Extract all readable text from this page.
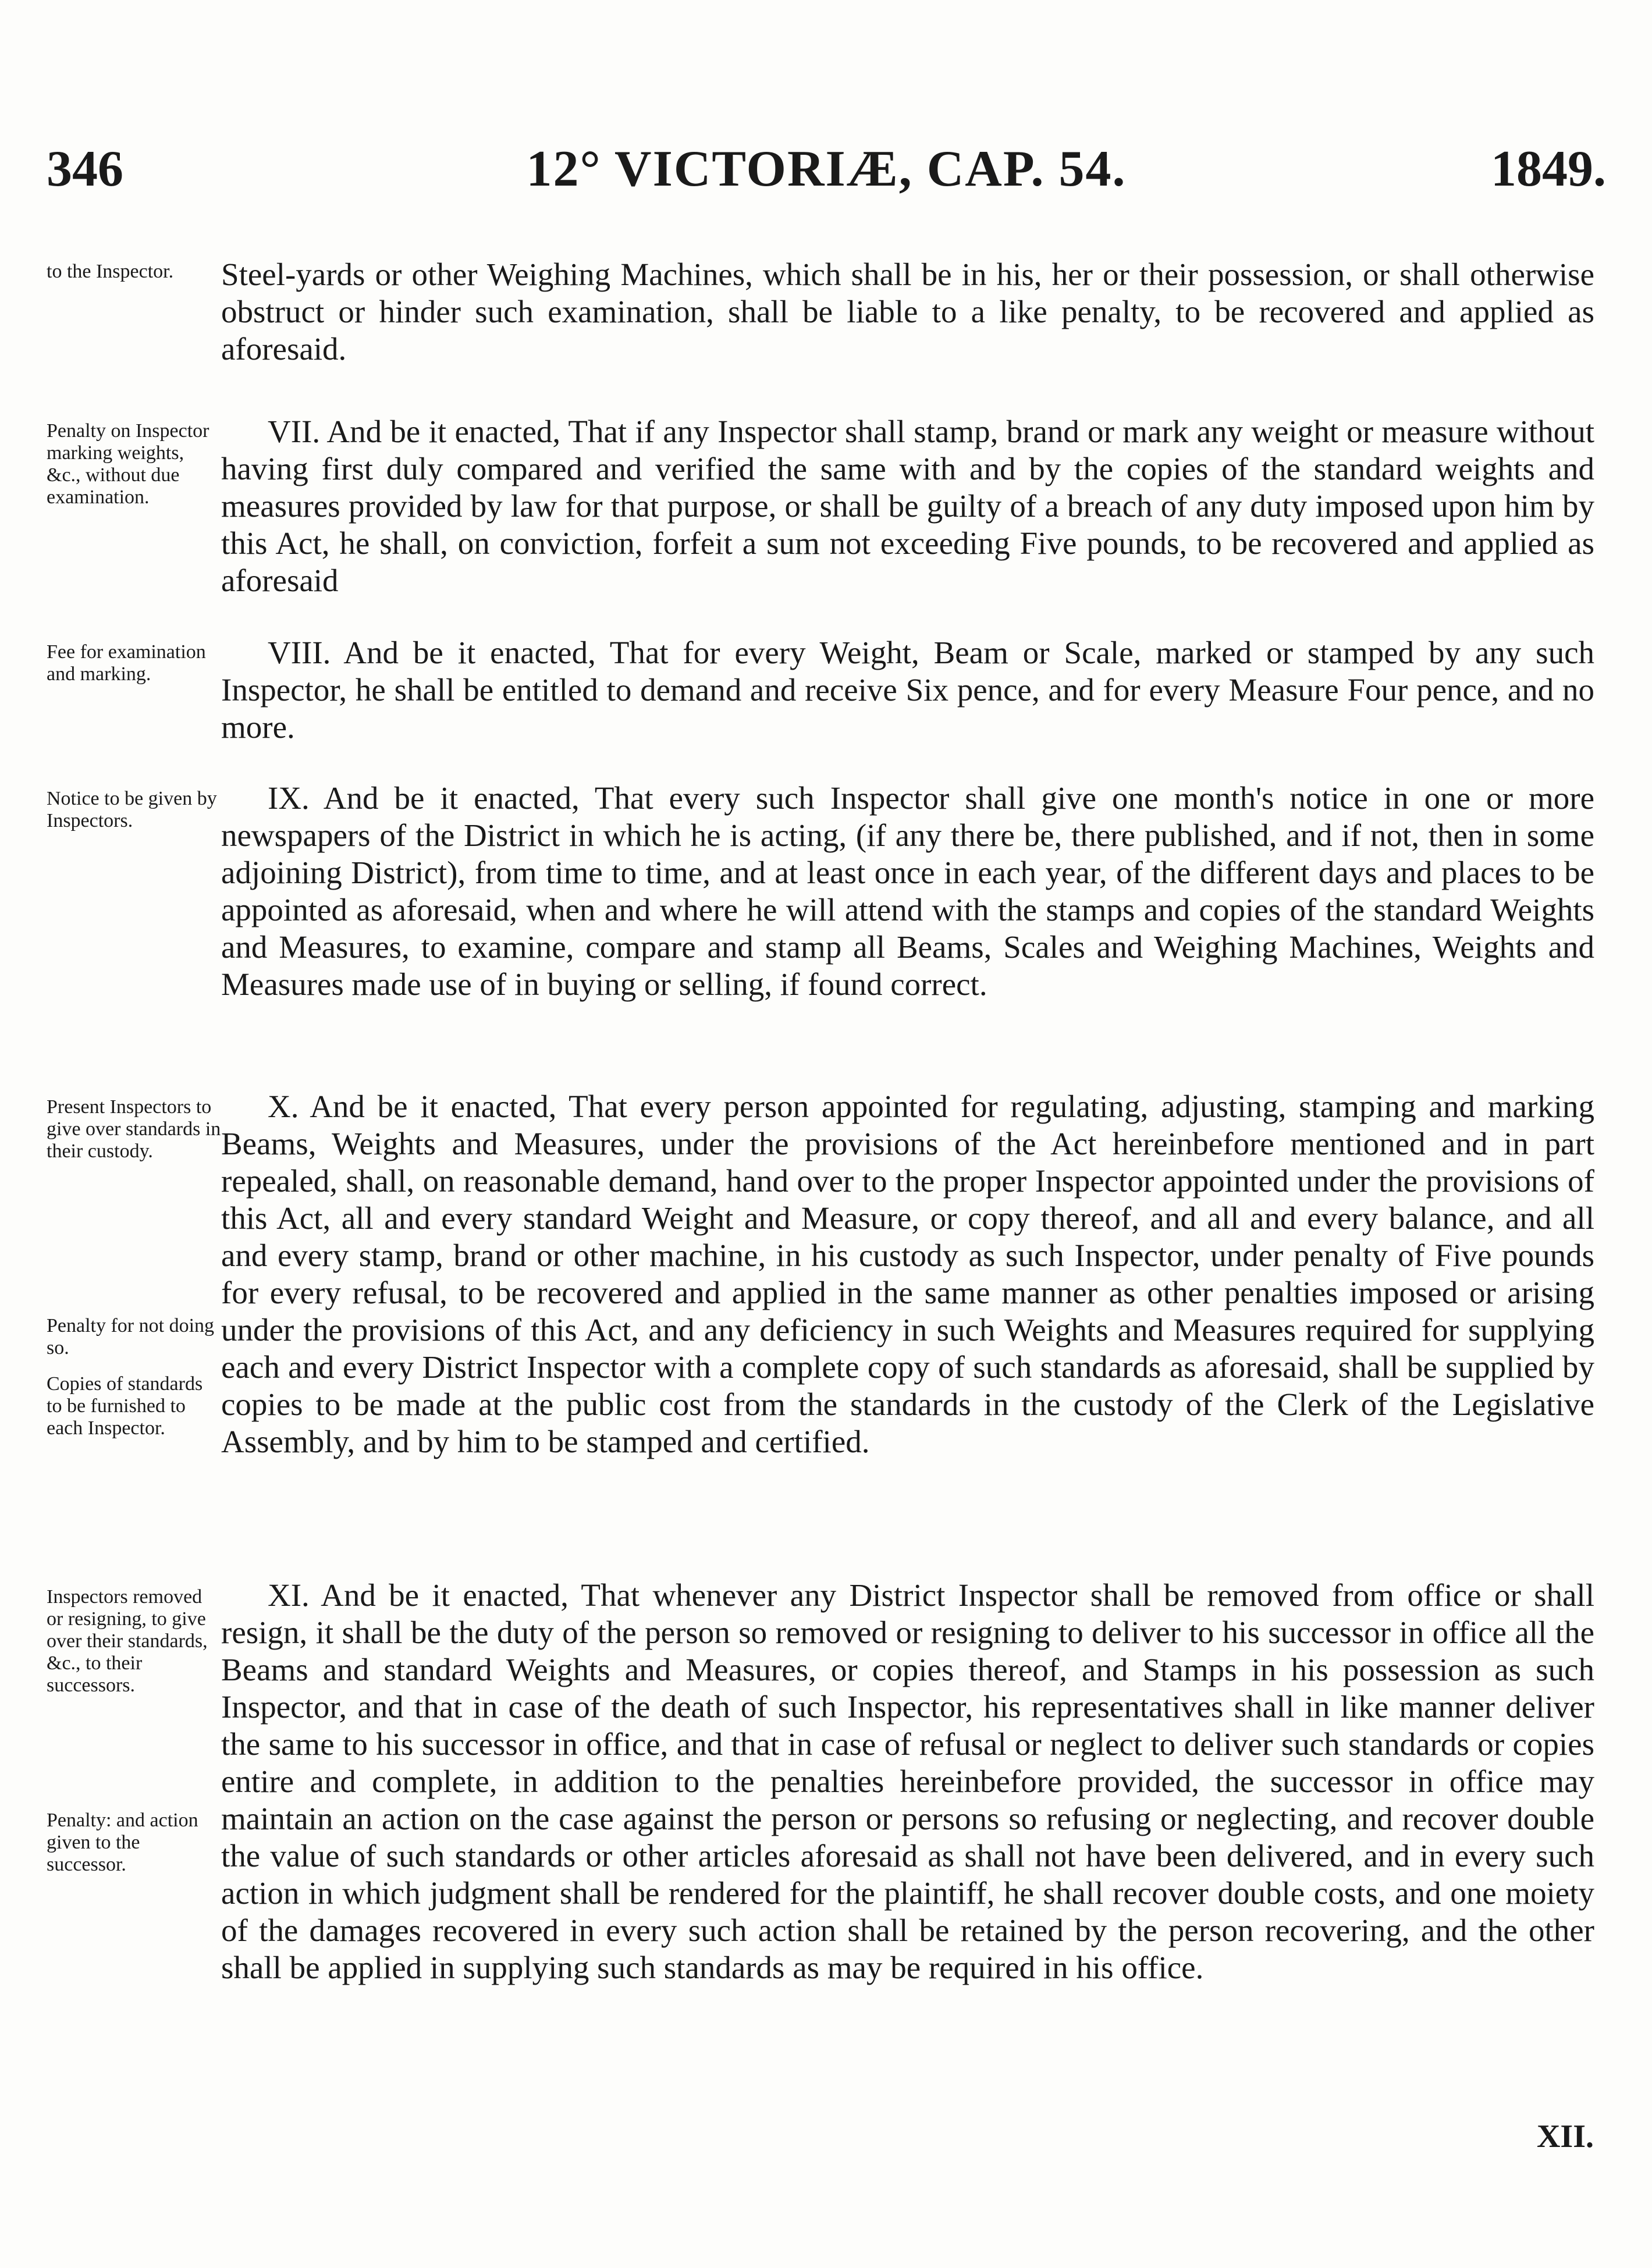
346	12° VICTORIÆ, CAP. 54.	1849.
to the Inspector.	Steel-yards or other Weighing Machines, which shall be in his, her or their possession, or shall otherwise obstruct or hinder such examination, shall be liable to a like penalty, to be recovered and applied as aforesaid.

Penalty on Inspector marking weights, &c., without due examination.

VII. And be it enacted, That if any Inspector shall stamp, brand or mark any weight or measure without having first duly compared and verified the same with and by the copies of the standard weights and measures provided by law for that purpose, or shall be guilty of a breach of any duty imposed upon him by this Act, he shall, on conviction, forfeit a sum not exceeding Five pounds, to be recovered and applied as aforesaid

Fee for examination and marking.

VIII. And be it enacted, That for every Weight, Beam or Scale, marked or stamped by any such Inspector, he shall be entitled to demand and receive Six pence, and for every Measure Four pence, and no more.

Notice to be given by Inspectors.

IX. And be it enacted, That every such Inspector shall give one month's notice in one or more newspapers of the District in which he is acting, (if any there be, there published, and if not, then in some adjoining District), from time to time, and at least once in each year, of the different days and places to be appointed as aforesaid, when and where he will attend with the stamps and copies of the standard Weights and Measures, to examine, compare and stamp all Beams, Scales and Weighing Machines, Weights and Measures made use of in buying or selling, if found correct.

Present Inspectors to give over standards in their custody.
Penalty for not doing so.
Copies of standards to be furnished to each Inspector.

X. And be it enacted, That every person appointed for regulating, adjusting, stamping and marking Beams, Weights and Measures, under the provisions of the Act hereinbefore mentioned and in part repealed, shall, on reasonable demand, hand over to the proper Inspector appointed under the provisions of this Act, all and every standard Weight and Measure, or copy thereof, and all and every balance, and all and every stamp, brand or other machine, in his custody as such Inspector, under penalty of Five pounds for every refusal, to be recovered and applied in the same manner as other penalties imposed or arising under the provisions of this Act, and any deficiency in such Weights and Measures required for supplying each and every District Inspector with a complete copy of such standards as aforesaid, shall be supplied by copies to be made at the public cost from the standards in the custody of the Clerk of the Legislative Assembly, and by him to be stamped and certified.

Inspectors removed or resigning, to give over their standards, &c., to their successors.
Penalty: and action given to the successor.

XI. And be it enacted, That whenever any District Inspector shall be removed from office or shall resign, it shall be the duty of the person so removed or resigning to deliver to his successor in office all the Beams and standard Weights and Measures, or copies thereof, and Stamps in his possession as such Inspector, and that in case of the death of such Inspector, his representatives shall in like manner deliver the same to his successor in office, and that in case of refusal or neglect to deliver such standards or copies entire and complete, in addition to the penalties hereinbefore provided, the successor in office may maintain an action on the case against the person or persons so refusing or neglecting, and recover double the value of such standards or other articles aforesaid as shall not have been delivered, and in every such action in which judgment shall be rendered for the plaintiff, he shall recover double costs, and one moiety of the damages recovered in every such action shall be retained by the person recovering, and the other shall be applied in supplying such standards as may be required in his office.

XII.
